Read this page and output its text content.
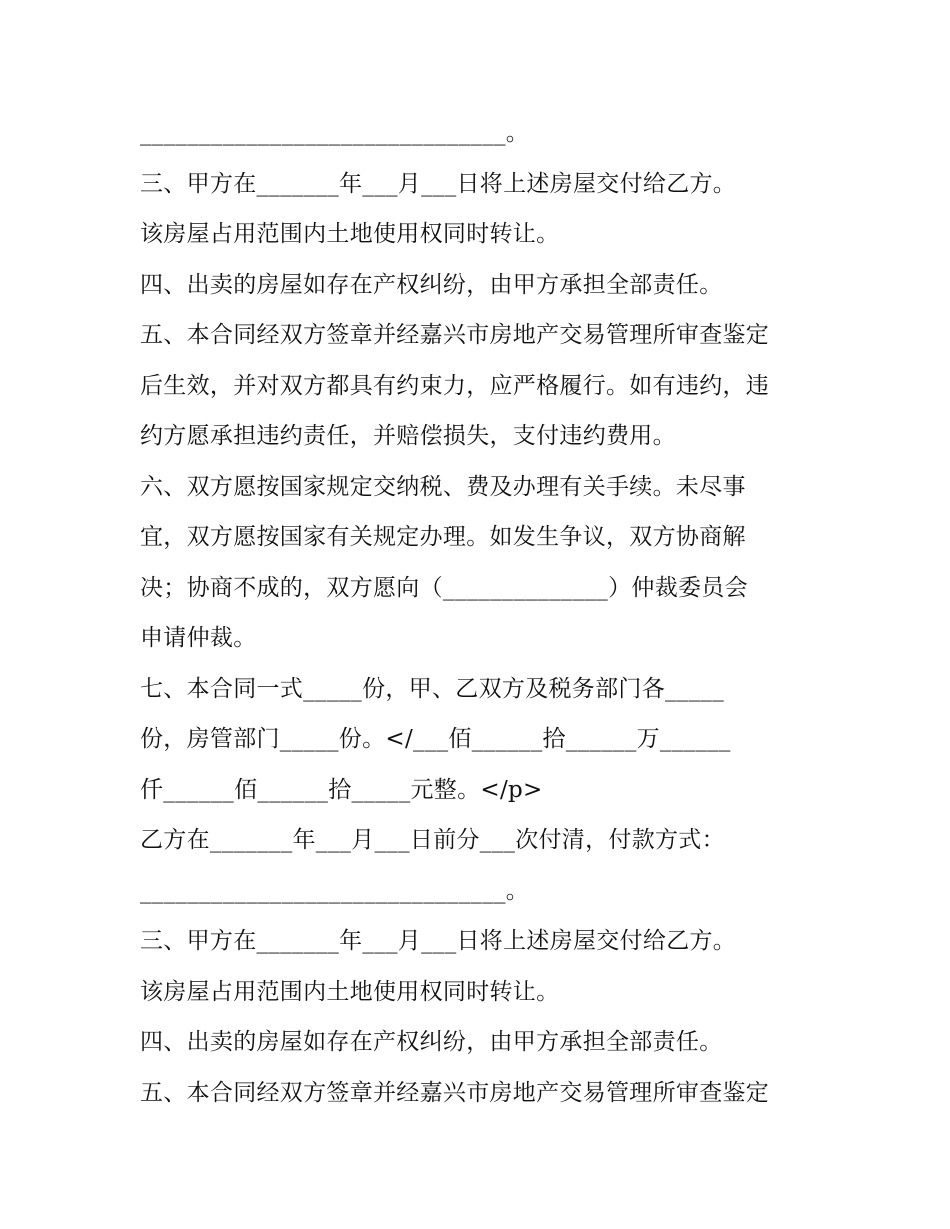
_______________________________。
三、甲方在_______年___月___日将上述房屋交付给乙方。
该房屋占用范围内土地使用权同时转让。
四、出卖的房屋如存在产权纠纷，由甲方承担全部责任。
五、本合同经双方签章并经嘉兴市房地产交易管理所审查鉴定
后生效，并对双方都具有约束力，应严格履行。如有违约，违
约方愿承担违约责任，并赔偿损失，支付违约费用。
六、双方愿按国家规定交纳税、费及办理有关手续。未尽事
宜，双方愿按国家有关规定办理。如发生争议，双方协商解
决；协商不成的，双方愿向（______________）仲裁委员会
申请仲裁。
七、本合同一式_____份，甲、乙双方及税务部门各_____
份，房管部门_____份。</___佰______拾______万______
仟______佰______拾_____元整。</p>
乙方在_______年___月___日前分___次付清，付款方式：
_______________________________。
三、甲方在_______年___月___日将上述房屋交付给乙方。
该房屋占用范围内土地使用权同时转让。
四、出卖的房屋如存在产权纠纷，由甲方承担全部责任。
五、本合同经双方签章并经嘉兴市房地产交易管理所审查鉴定
